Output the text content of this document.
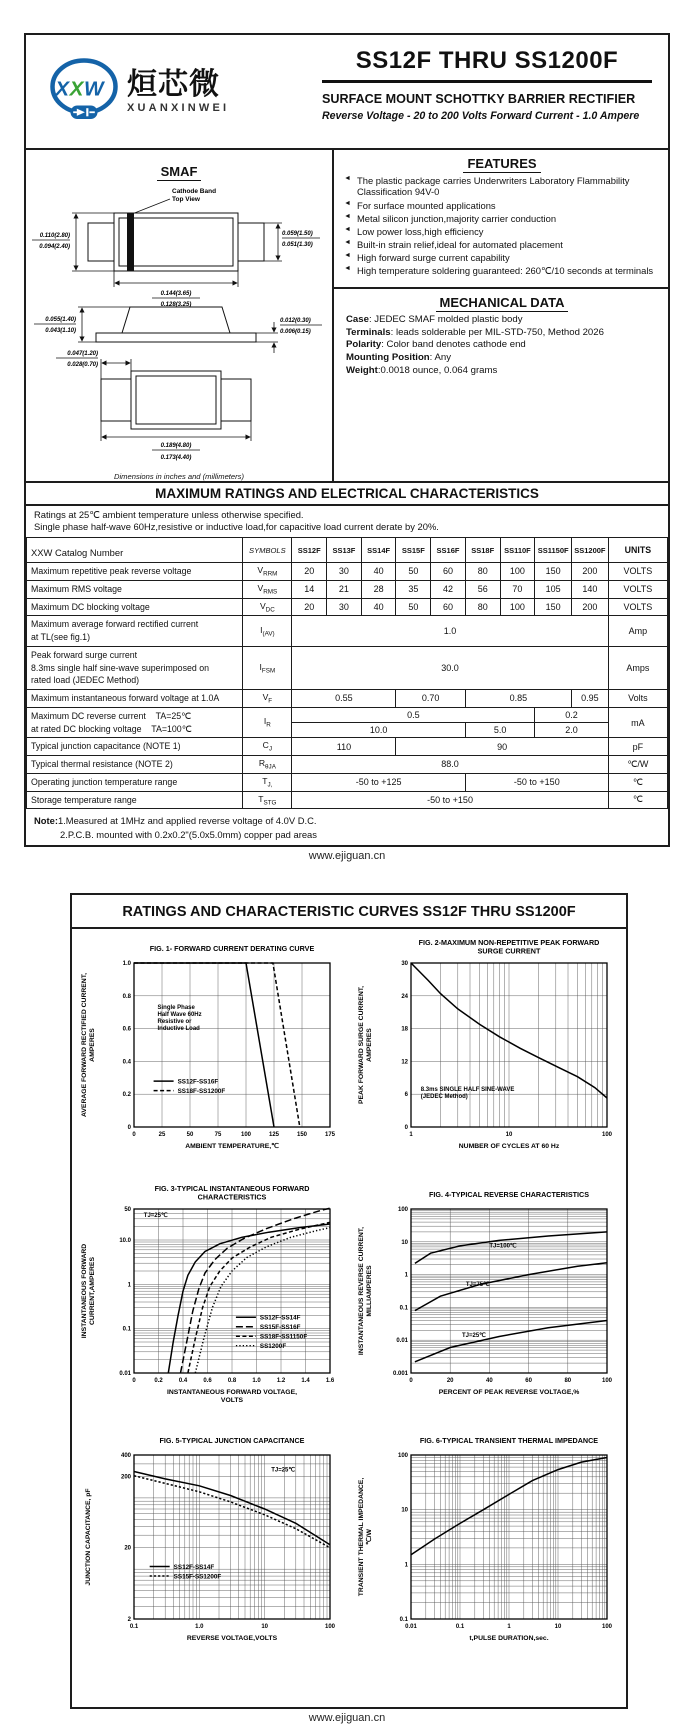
X X W 烜芯微
XUANXINWEI
SS12F THRU SS1200F
SURFACE MOUNT SCHOTTKY BARRIER RECTIFIER
Reverse Voltage - 20 to 200 Volts Forward Current - 1.0 Ampere
SMAF
Cathode Band
Top View
0.110(2.80)
0.094(2.40)
0.059(1.50)
0.051(1.30)
0.144(3.65)
0.128(3.25)
0.055(1.40)
0.043(1.10)
0.012(0.30)
0.006(0.15)
0.047(1.20)
0.028(0.70)
0.189(4.80)
0.173(4.40)
Dimensions in inches and (millimeters)
FEATURES
◄ The plastic package carries Underwriters Laboratory Flammability Classification 94V-0
◄ For surface mounted applications
◄ Metal silicon junction,majority carrier conduction
◄ Low power loss,high efficiency
◄ Built-in strain relief,ideal for automated placement
◄ High forward surge current capability
◄ High temperature soldering guaranteed: 260℃/10 seconds at terminals
MECHANICAL DATA
Case: JEDEC SMAF molded plastic body
Terminals: leads solderable per MIL-STD-750, Method 2026
Polarity: Color band denotes cathode end
Mounting Position: Any
Weight:0.0018 ounce, 0.064 grams
MAXIMUM RATINGS AND ELECTRICAL CHARACTERISTICS
Ratings at 25℃ ambient temperature unless otherwise specified.
Single phase half-wave 60Hz,resistive or inductive load,for capacitive load current derate by 20%.
XXW Catalog Number	SYMBOLS	SS12F	SS13F	SS14F	SS15F	SS16F	SS18F	SS110F	SS1150F	SS1200F	UNITS
Maximum repetitive peak reverse voltage	$V_{RRM}$	20	30	40	50	60	80	100	150	200	VOLTS
Maximum RMS voltage	$V_{RMS}$	14	21	28	35	42	56	70	105	140	VOLTS
Maximum DC blocking voltage	$V_{DC}$	20	30	40	50	60	80	100	150	200	VOLTS
Maximum average forward rectified current
at TL(see fig.1)	$I_{(AV)}$	1.0									Amp
Peak forward surge current
8.3ms single half sine-wave superimposed on
rated load (JEDEC Method)	$I_{FSM}$	30.0									Amps
Maximum instantaneous forward voltage at 1.0A	$V_F$	0.55			0.70		0.85			0.95	Volts
Maximum DC reverse current    TA=25℃
at rated DC blocking voltage    TA=100℃	$I_R$	0.5							0.2		mA
		10.0					5.0		2.0		
Typical junction capacitance (NOTE 1)	$C_J$	110			90						pF
Typical thermal resistance (NOTE 2)	$R_{\theta JA}$	88.0									℃/W
Operating junction temperature range	$T_{J,}$	-50 to +125					-50 to +150				℃
Storage temperature range	$T_{STG}$	-50 to +150									℃
Note:1.Measured at 1MHz and applied reverse voltage of 4.0V D.C.
2.P.C.B. mounted with 0.2x0.2"(5.0x5.0mm) copper pad areas
www.ejiguan.cn
RATINGS AND CHARACTERISTIC CURVES SS12F THRU SS1200F
0	25	50	75	100	125	150	175
0
0.2
0.4
0.6
0.8
1.0
SS12F-SS16F
SS18F-SS1200F
Single Phase
Half Wave 60Hz
Resistive or
Inductive Load
FIG. 1- FORWARD CURRENT DERATING CURVE
AMBIENT TEMPERATURE,℃
AVERAGE FORWARD RECTIFIED CURRENT, AMPERES
1	10	100
0
6
12
18
24
30
8.3ms SINGLE HALF SINE-WAVE
(JEDEC Method)
FIG. 2-MAXIMUM NON-REPETITIVE PEAK FORWARD
SURGE CURRENT
NUMBER OF CYCLES AT 60 Hz
PEAK FORWARD SURGE CURRENT, AMPERES
0	0.2	0.4	0.6	0.8	1.0	1.2	1.4	1.6
0.01
0.1
1
10.0
50
SS12F-SS14F
SS15F-SS16F
SS18F-SS1150F
SS1200F
TJ=25℃
FIG. 3-TYPICAL INSTANTANEOUS FORWARD
CHARACTERISTICS
INSTANTANEOUS FORWARD VOLTAGE,
VOLTS
INSTANTANEOUS FORWARD CURRENT,AMPERES
0	20	40	60	80	100
0.001
0.01
0.1
1
10
100
TJ=100℃
TJ=75℃
TJ=25℃
FIG. 4-TYPICAL REVERSE CHARACTERISTICS
PERCENT OF PEAK REVERSE VOLTAGE,%
INSTANTANEOUS REVERSE CURRENT, MILLIAMPERES
0.1	1.0	10	100
2
20
200
400
SS12F-SS14F
SS15F-SS1200F
TJ=25℃
FIG. 5-TYPICAL JUNCTION CAPACITANCE
REVERSE VOLTAGE,VOLTS
JUNCTION CAPACITANCE, pF
0.01	0.1	1	10	100
0.1
1
10
100
FIG. 6-TYPICAL TRANSIENT THERMAL IMPEDANCE
t,PULSE DURATION,sec.
TRANSIENT THERMAL IMPEDANCE, ℃/W
www.ejiguan.cn
